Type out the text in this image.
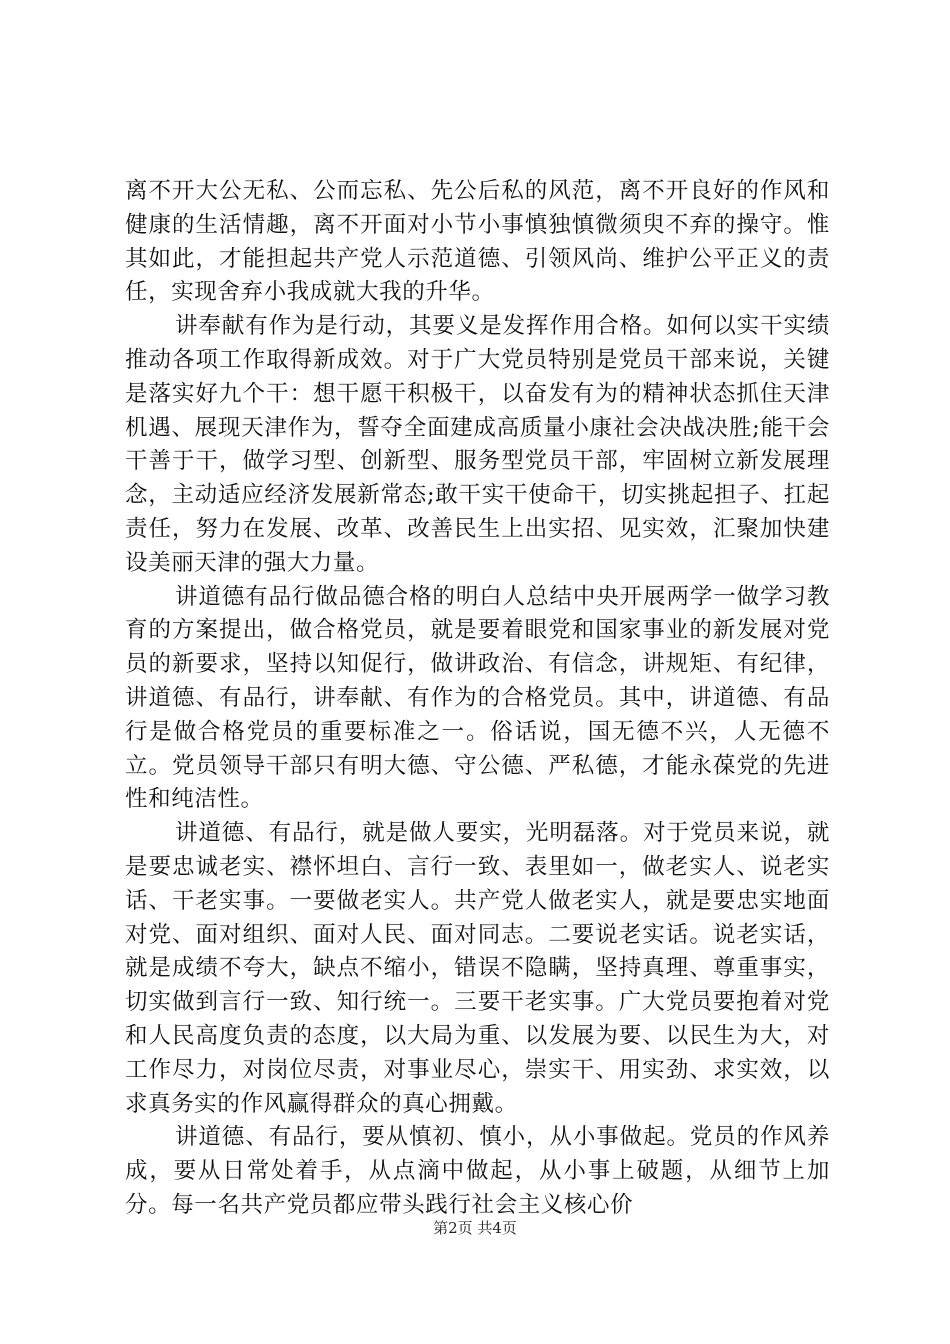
离不开大公无私、公而忘私、先公后私的风范，离不开良好的作风和健康的生活情趣，离不开面对小节小事慎独慎微须臾不弃的操守。惟其如此，才能担起共产党人示范道德、引领风尚、维护公平正义的责任，实现舍弃小我成就大我的升华。

讲奉献有作为是行动，其要义是发挥作用合格。如何以实干实绩推动各项工作取得新成效。对于广大党员特别是党员干部来说，关键是落实好九个干：想干愿干积极干，以奋发有为的精神状态抓住天津机遇、展现天津作为，誓夺全面建成高质量小康社会决战决胜;能干会干善于干，做学习型、创新型、服务型党员干部，牢固树立新发展理念，主动适应经济发展新常态;敢干实干使命干，切实挑起担子、扛起责任，努力在发展、改革、改善民生上出实招、见实效，汇聚加快建设美丽天津的强大力量。

讲道德有品行做品德合格的明白人总结中央开展两学一做学习教育的方案提出，做合格党员，就是要着眼党和国家事业的新发展对党员的新要求，坚持以知促行，做讲政治、有信念，讲规矩、有纪律，讲道德、有品行，讲奉献、有作为的合格党员。其中，讲道德、有品行是做合格党员的重要标准之一。俗话说，国无德不兴，人无德不立。党员领导干部只有明大德、守公德、严私德，才能永葆党的先进性和纯洁性。

讲道德、有品行，就是做人要实，光明磊落。对于党员来说，就是要忠诚老实、襟怀坦白、言行一致、表里如一，做老实人、说老实话、干老实事。一要做老实人。共产党人做老实人，就是要忠实地面对党、面对组织、面对人民、面对同志。二要说老实话。说老实话，就是成绩不夸大，缺点不缩小，错误不隐瞒，坚持真理、尊重事实，切实做到言行一致、知行统一。三要干老实事。广大党员要抱着对党和人民高度负责的态度，以大局为重、以发展为要、以民生为大，对工作尽力，对岗位尽责，对事业尽心，崇实干、用实劲、求实效，以求真务实的作风赢得群众的真心拥戴。

讲道德、有品行，要从慎初、慎小，从小事做起。党员的作风养成，要从日常处着手，从点滴中做起，从小事上破题，从细节上加分。每一名共产党员都应带头践行社会主义核心价

第2页 共4页
